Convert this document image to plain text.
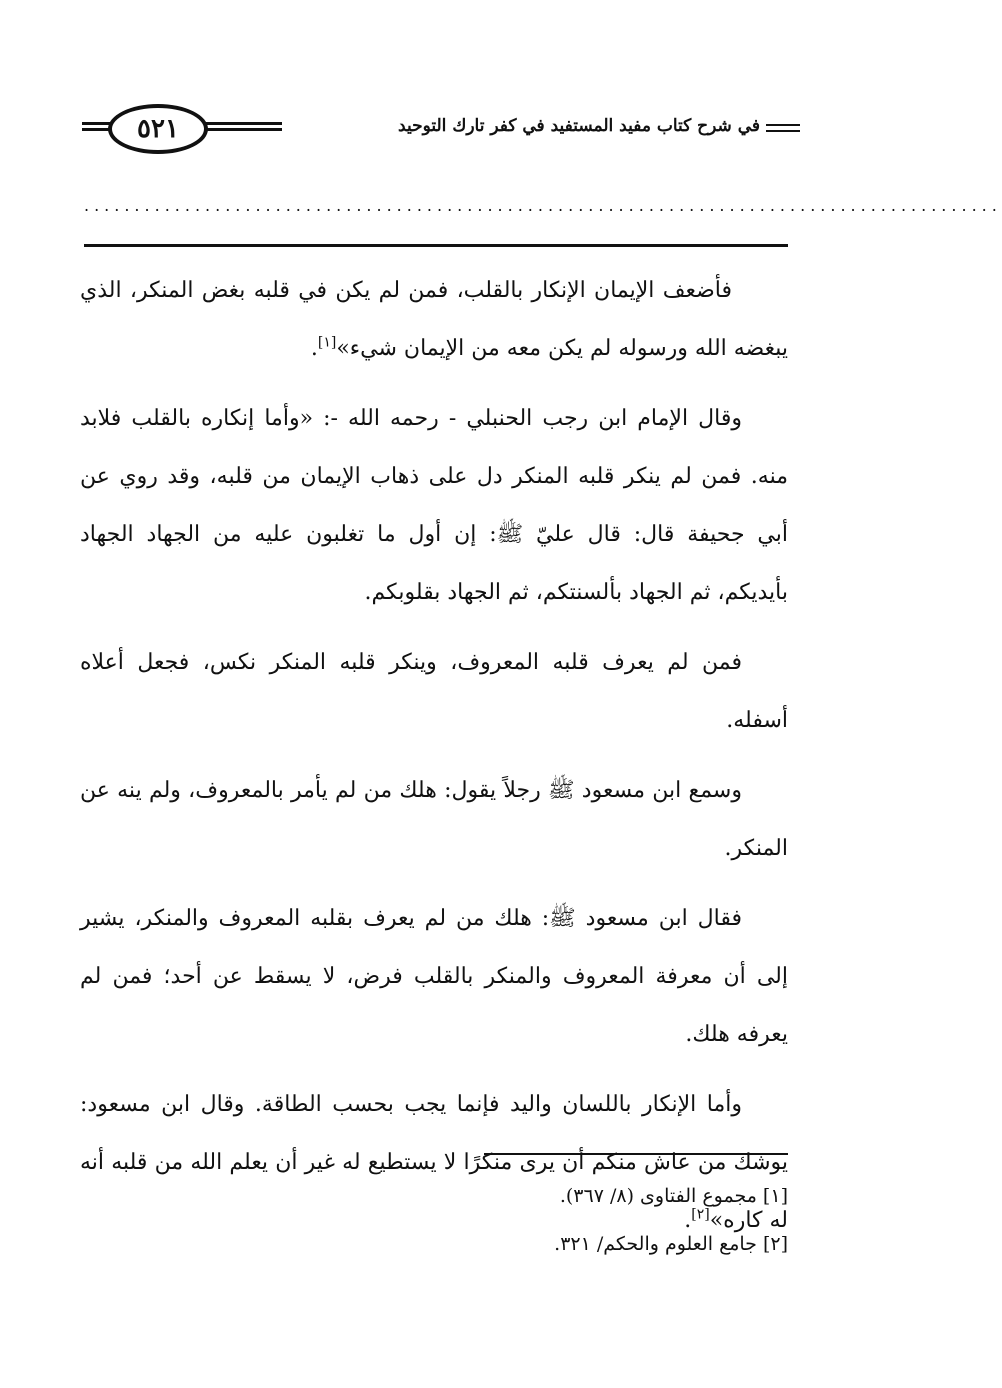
٥٢١	في شرح كتاب مفيد المستفيد في كفر تارك التوحيد
...........................................................................................

فأضعف الإيمان الإنكار بالقلب، فمن لم يكن في قلبه بغض المنكر، الذي يبغضه الله ورسوله لم يكن معه من الإيمان شيء»[١].

وقال الإمام ابن رجب الحنبلي - رحمه الله -: «وأما إنكاره بالقلب فلابد منه. فمن لم ينكر قلبه المنكر دل على ذهاب الإيمان من قلبه، وقد روي عن أبي جحيفة قال: قال عليّ ﷺ: إن أول ما تغلبون عليه من الجهاد الجهاد بأيديكم، ثم الجهاد بألسنتكم، ثم الجهاد بقلوبكم.

فمن لم يعرف قلبه المعروف، وينكر قلبه المنكر نكس، فجعل أعلاه أسفله.

وسمع ابن مسعود ﷺ رجلاً يقول: هلك من لم يأمر بالمعروف، ولم ينه عن المنكر.

فقال ابن مسعود ﷺ: هلك من لم يعرف بقلبه المعروف والمنكر، يشير إلى أن معرفة المعروف والمنكر بالقلب فرض، لا يسقط عن أحد؛ فمن لم يعرفه هلك.

وأما الإنكار باللسان واليد فإنما يجب بحسب الطاقة. وقال ابن مسعود: يوشك من عاش منكم أن يرى منكرًا لا يستطيع له غير أن يعلم الله من قلبه أنه له كاره»[٢].

[١] مجموع الفتاوى (٨/ ٣٦٧).
[٢] جامع العلوم والحكم/ ٣٢١.
